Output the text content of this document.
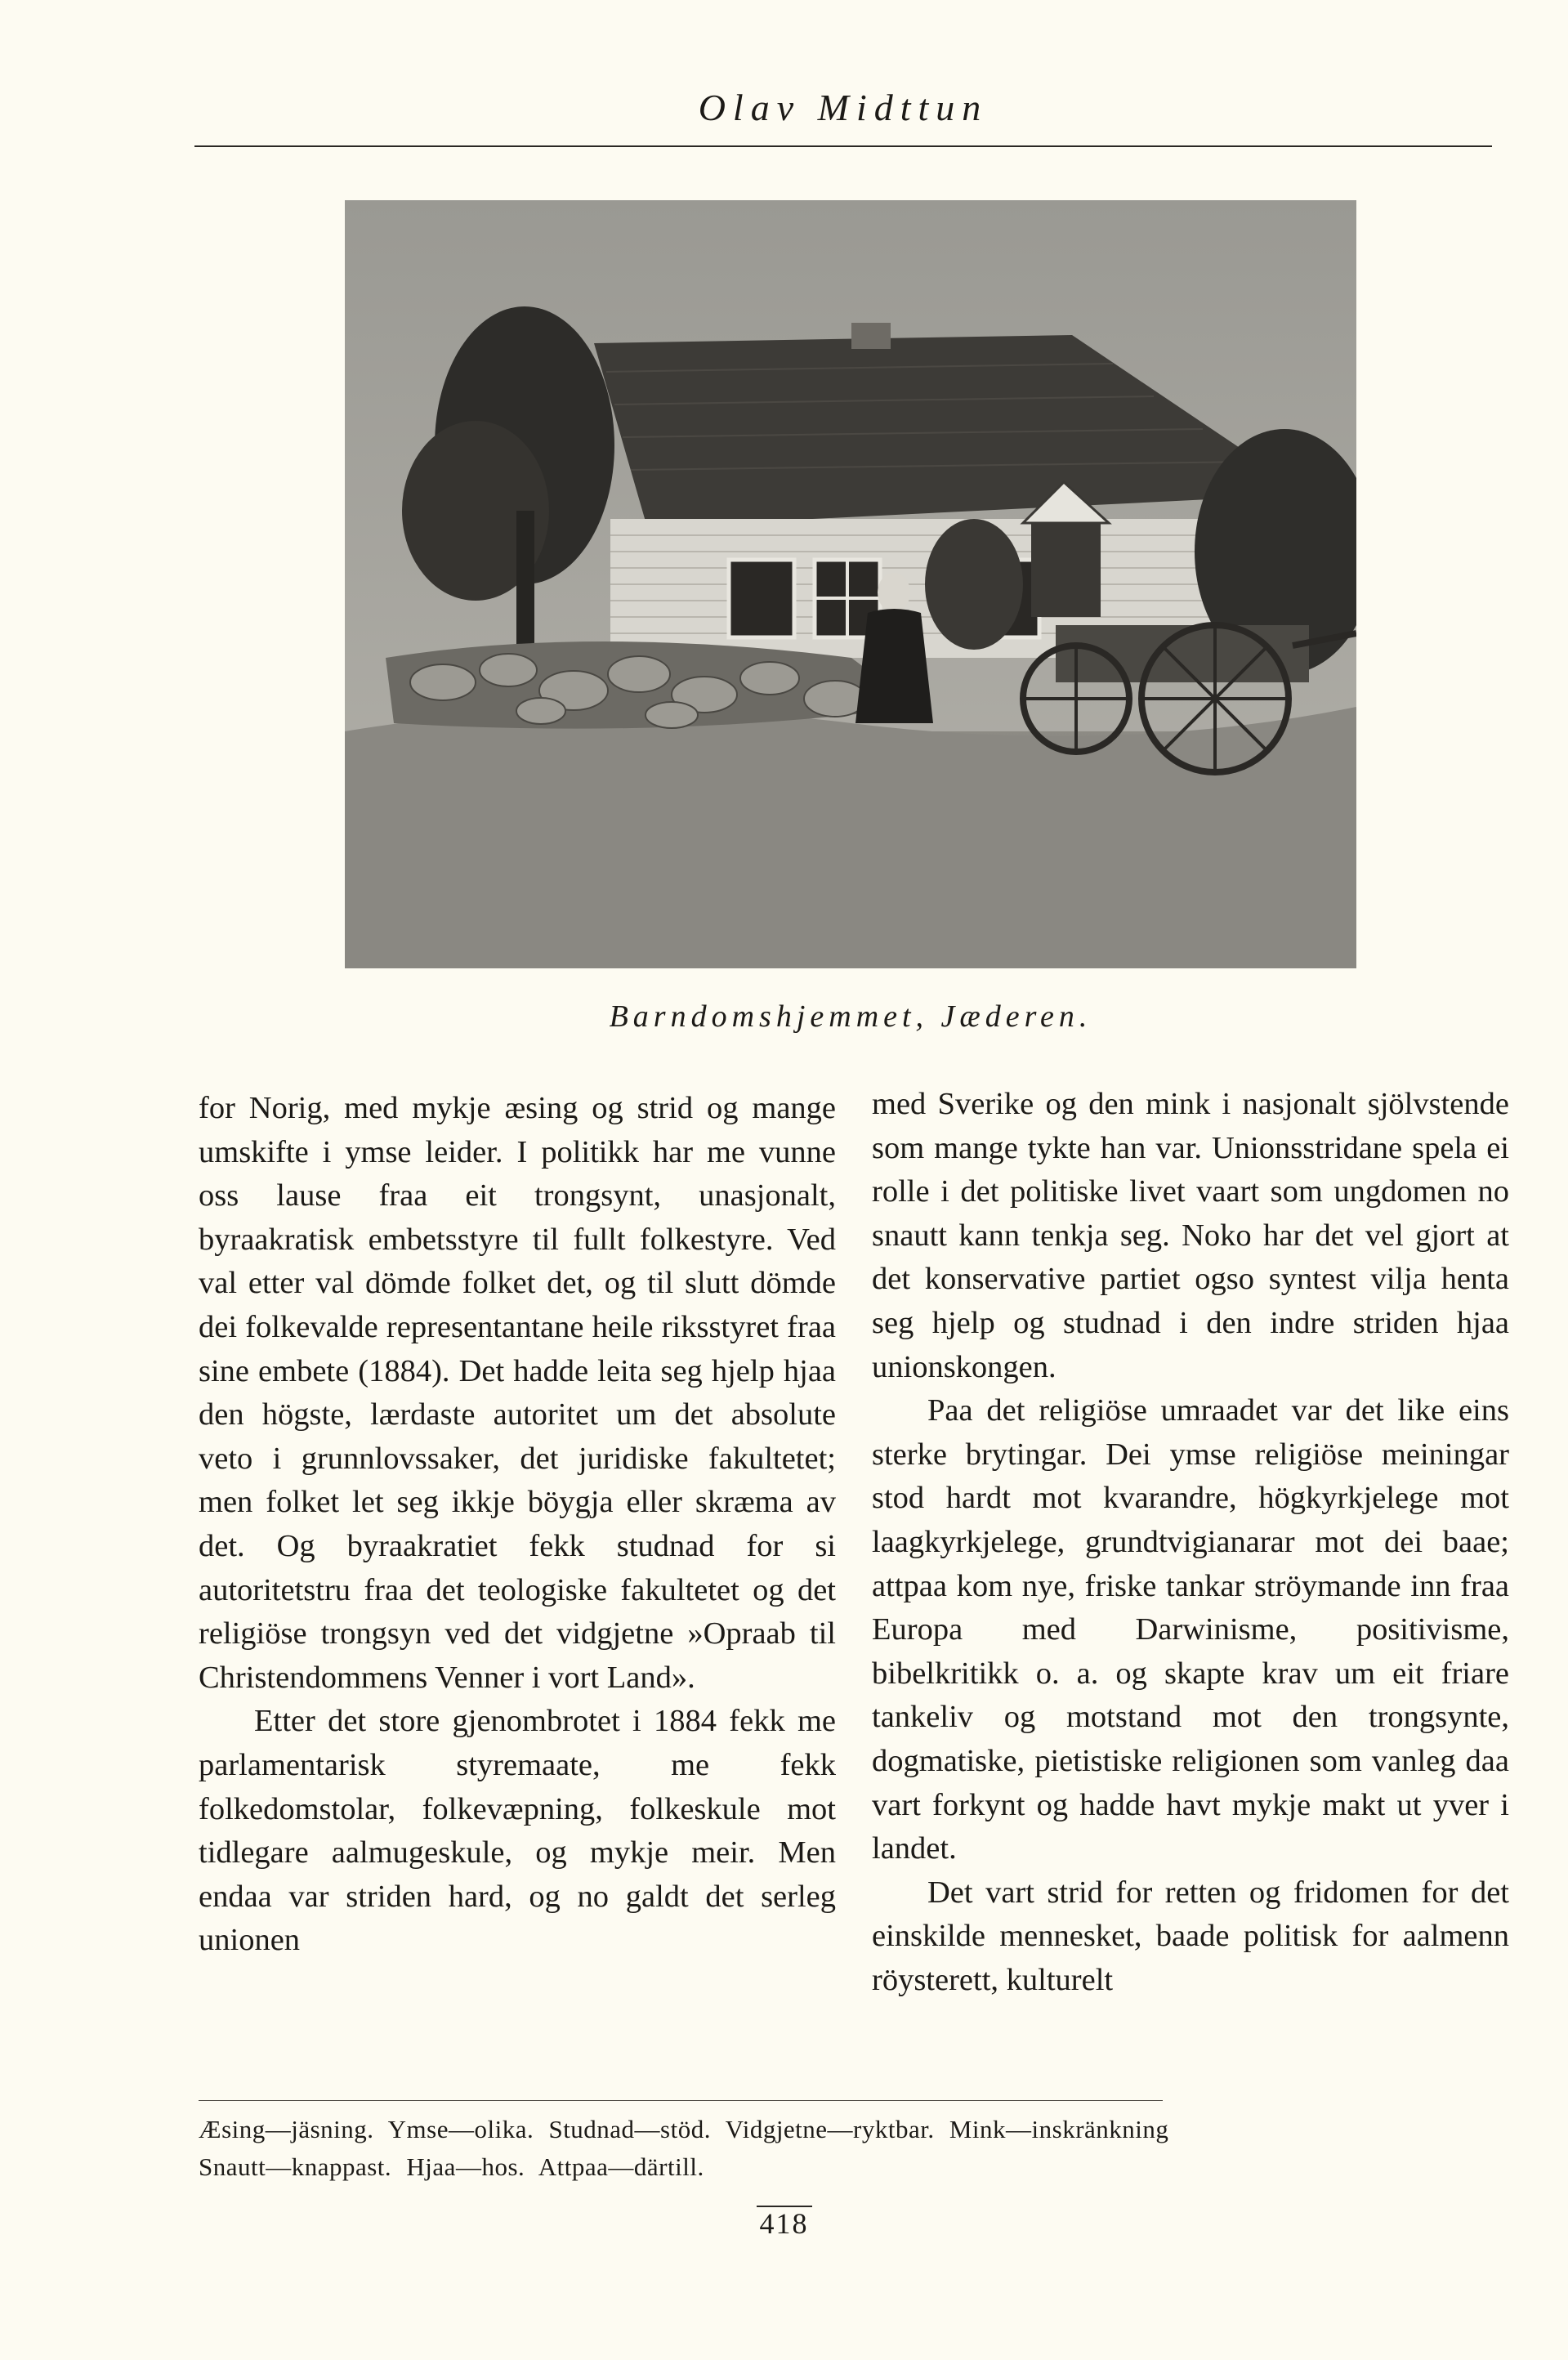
Olav Midttun
Barndomshjemmet, Jæderen.

for Norig, med mykje æsing og strid og mange umskifte i ymse leider. I politikk har me vunne oss lause fraa eit trongsynt, unasjonalt, byraakratisk embetsstyre til fullt folkestyre. Ved val etter val dömde folket det, og til slutt dömde dei folkevalde representantane heile riksstyret fraa sine embete (1884). Det hadde leita seg hjelp hjaa den högste, lærdaste autoritet um det absolute veto i grunnlovssaker, det juridiske fakultetet; men folket let seg ikkje böygja eller skræma av det. Og byraakratiet fekk studnad for si autoritetstru fraa det teologiske fakultetet og det religiöse trongsyn ved det vidgjetne »Opraab til Christendommens Venner i vort Land».

Etter det store gjenombrotet i 1884 fekk me parlamentarisk styremaate, me fekk folkedomstolar, folkevæpning, folkeskule mot tidlegare aalmugeskule, og mykje meir. Men endaa var striden hard, og no galdt det serleg unionen

med Sverike og den mink i nasjonalt sjölvstende som mange tykte han var. Unionsstridane spela ei rolle i det politiske livet vaart som ungdomen no snautt kann tenkja seg. Noko har det vel gjort at det konservative partiet ogso syntest vilja henta seg hjelp og studnad i den indre striden hjaa unionskongen.

Paa det religiöse umraadet var det like eins sterke brytingar. Dei ymse religiöse meiningar stod hardt mot kvarandre, högkyrkjelege mot laagkyrkjelege, grundtvigianarar mot dei baae; attpaa kom nye, friske tankar ströymande inn fraa Europa med Darwinisme, positivisme, bibelkritikk o. a. og skapte krav um eit friare tankeliv og motstand mot den trongsynte, dogmatiske, pietistiske religionen som vanleg daa vart forkynt og hadde havt mykje makt ut yver i landet.

Det vart strid for retten og fridomen for det einskilde mennesket, baade politisk for aalmenn röysterett, kulturelt

Æsing—jäsning. Ymse—olika. Studnad—stöd. Vidgjetne—ryktbar. Mink—inskränkning
Snautt—knappast. Hjaa—hos. Attpaa—därtill.
418
